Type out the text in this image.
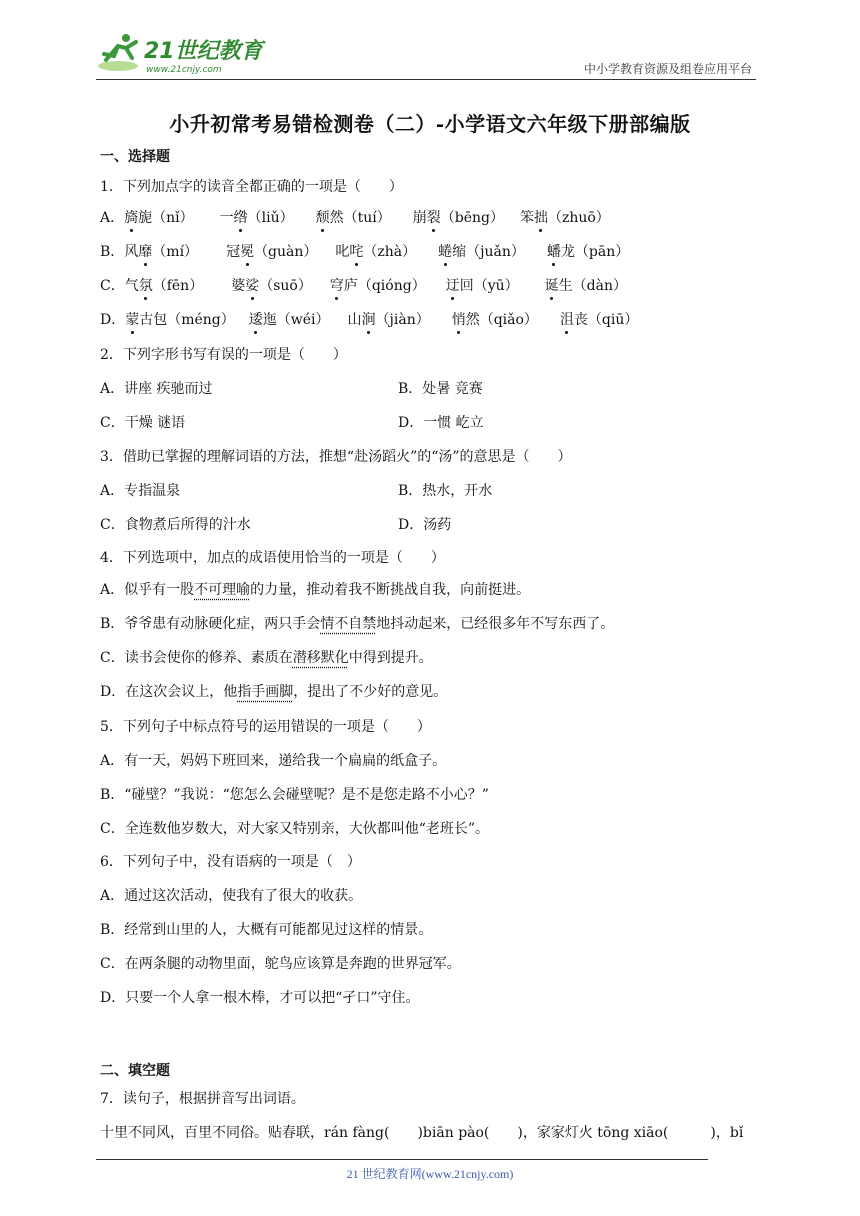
21世纪教育
www.21cnjy.com	中小学教育资源及组卷应用平台
小升初常考易错检测卷（二）-小学语文六年级下册部编版
一、选择题
1．下列加点字的读音全都正确的一项是（　　）
A．旖旎（nǐ） 一绺（liǔ） 颓然（tuí） 崩裂（bēng） 笨拙（zhuō）
B．风靡（mí） 冠冕（guàn） 叱咤（zhà） 蜷缩（juǎn） 蟠龙（pān）
C．气氛（fēn） 婆娑（suō） 穹庐（qióng） 迂回（yū） 诞生（dàn）
D．蒙古包（méng） 逶迤（wéi） 山涧（jiàn） 悄然（qiǎo） 沮丧（qiū）
2．下列字形书写有误的一项是（　　）
A．讲座 疾驰而过	B．处暑 竞赛
C．干燥 谜语	D．一惯 屹立
3．借助已掌握的理解词语的方法，推想“赴汤蹈火”的“汤”的意思是（　　）
A．专指温泉	B．热水，开水
C．食物煮后所得的汁水	D．汤药
4．下列选项中，加点的成语使用恰当的一项是（　　）
A．似乎有一股不可理喻的力量，推动着我不断挑战自我，向前挺进。
B．爷爷患有动脉硬化症，两只手会情不自禁地抖动起来，已经很多年不写东西了。
C．读书会使你的修养、素质在潜移默化中得到提升。
D．在这次会议上，他指手画脚，提出了不少好的意见。
5．下列句子中标点符号的运用错误的一项是（　　）
A．有一天，妈妈下班回来，递给我一个扁扁的纸盒子。
B．“碰壁？”我说：“您怎么会碰壁呢？是不是您走路不小心？”
C．全连数他岁数大，对大家又特别亲，大伙都叫他“老班长”。
6．下列句子中，没有语病的一项是（　）
A．通过这次活动，使我有了很大的收获。
B．经常到山里的人，大概有可能都见过这样的情景。
C．在两条腿的动物里面，鸵鸟应该算是奔跑的世界冠军。
D．只要一个人拿一根木棒，才可以把“孑口”守住。
二、填空题
7．读句子，根据拼音写出词语。
十里不同风，百里不同俗。贴春联，rán fàng(　　)biān pào(　　)，家家灯火 tōng xiāo(　　　)，bǐ
21 世纪教育网(www.21cnjy.com)
